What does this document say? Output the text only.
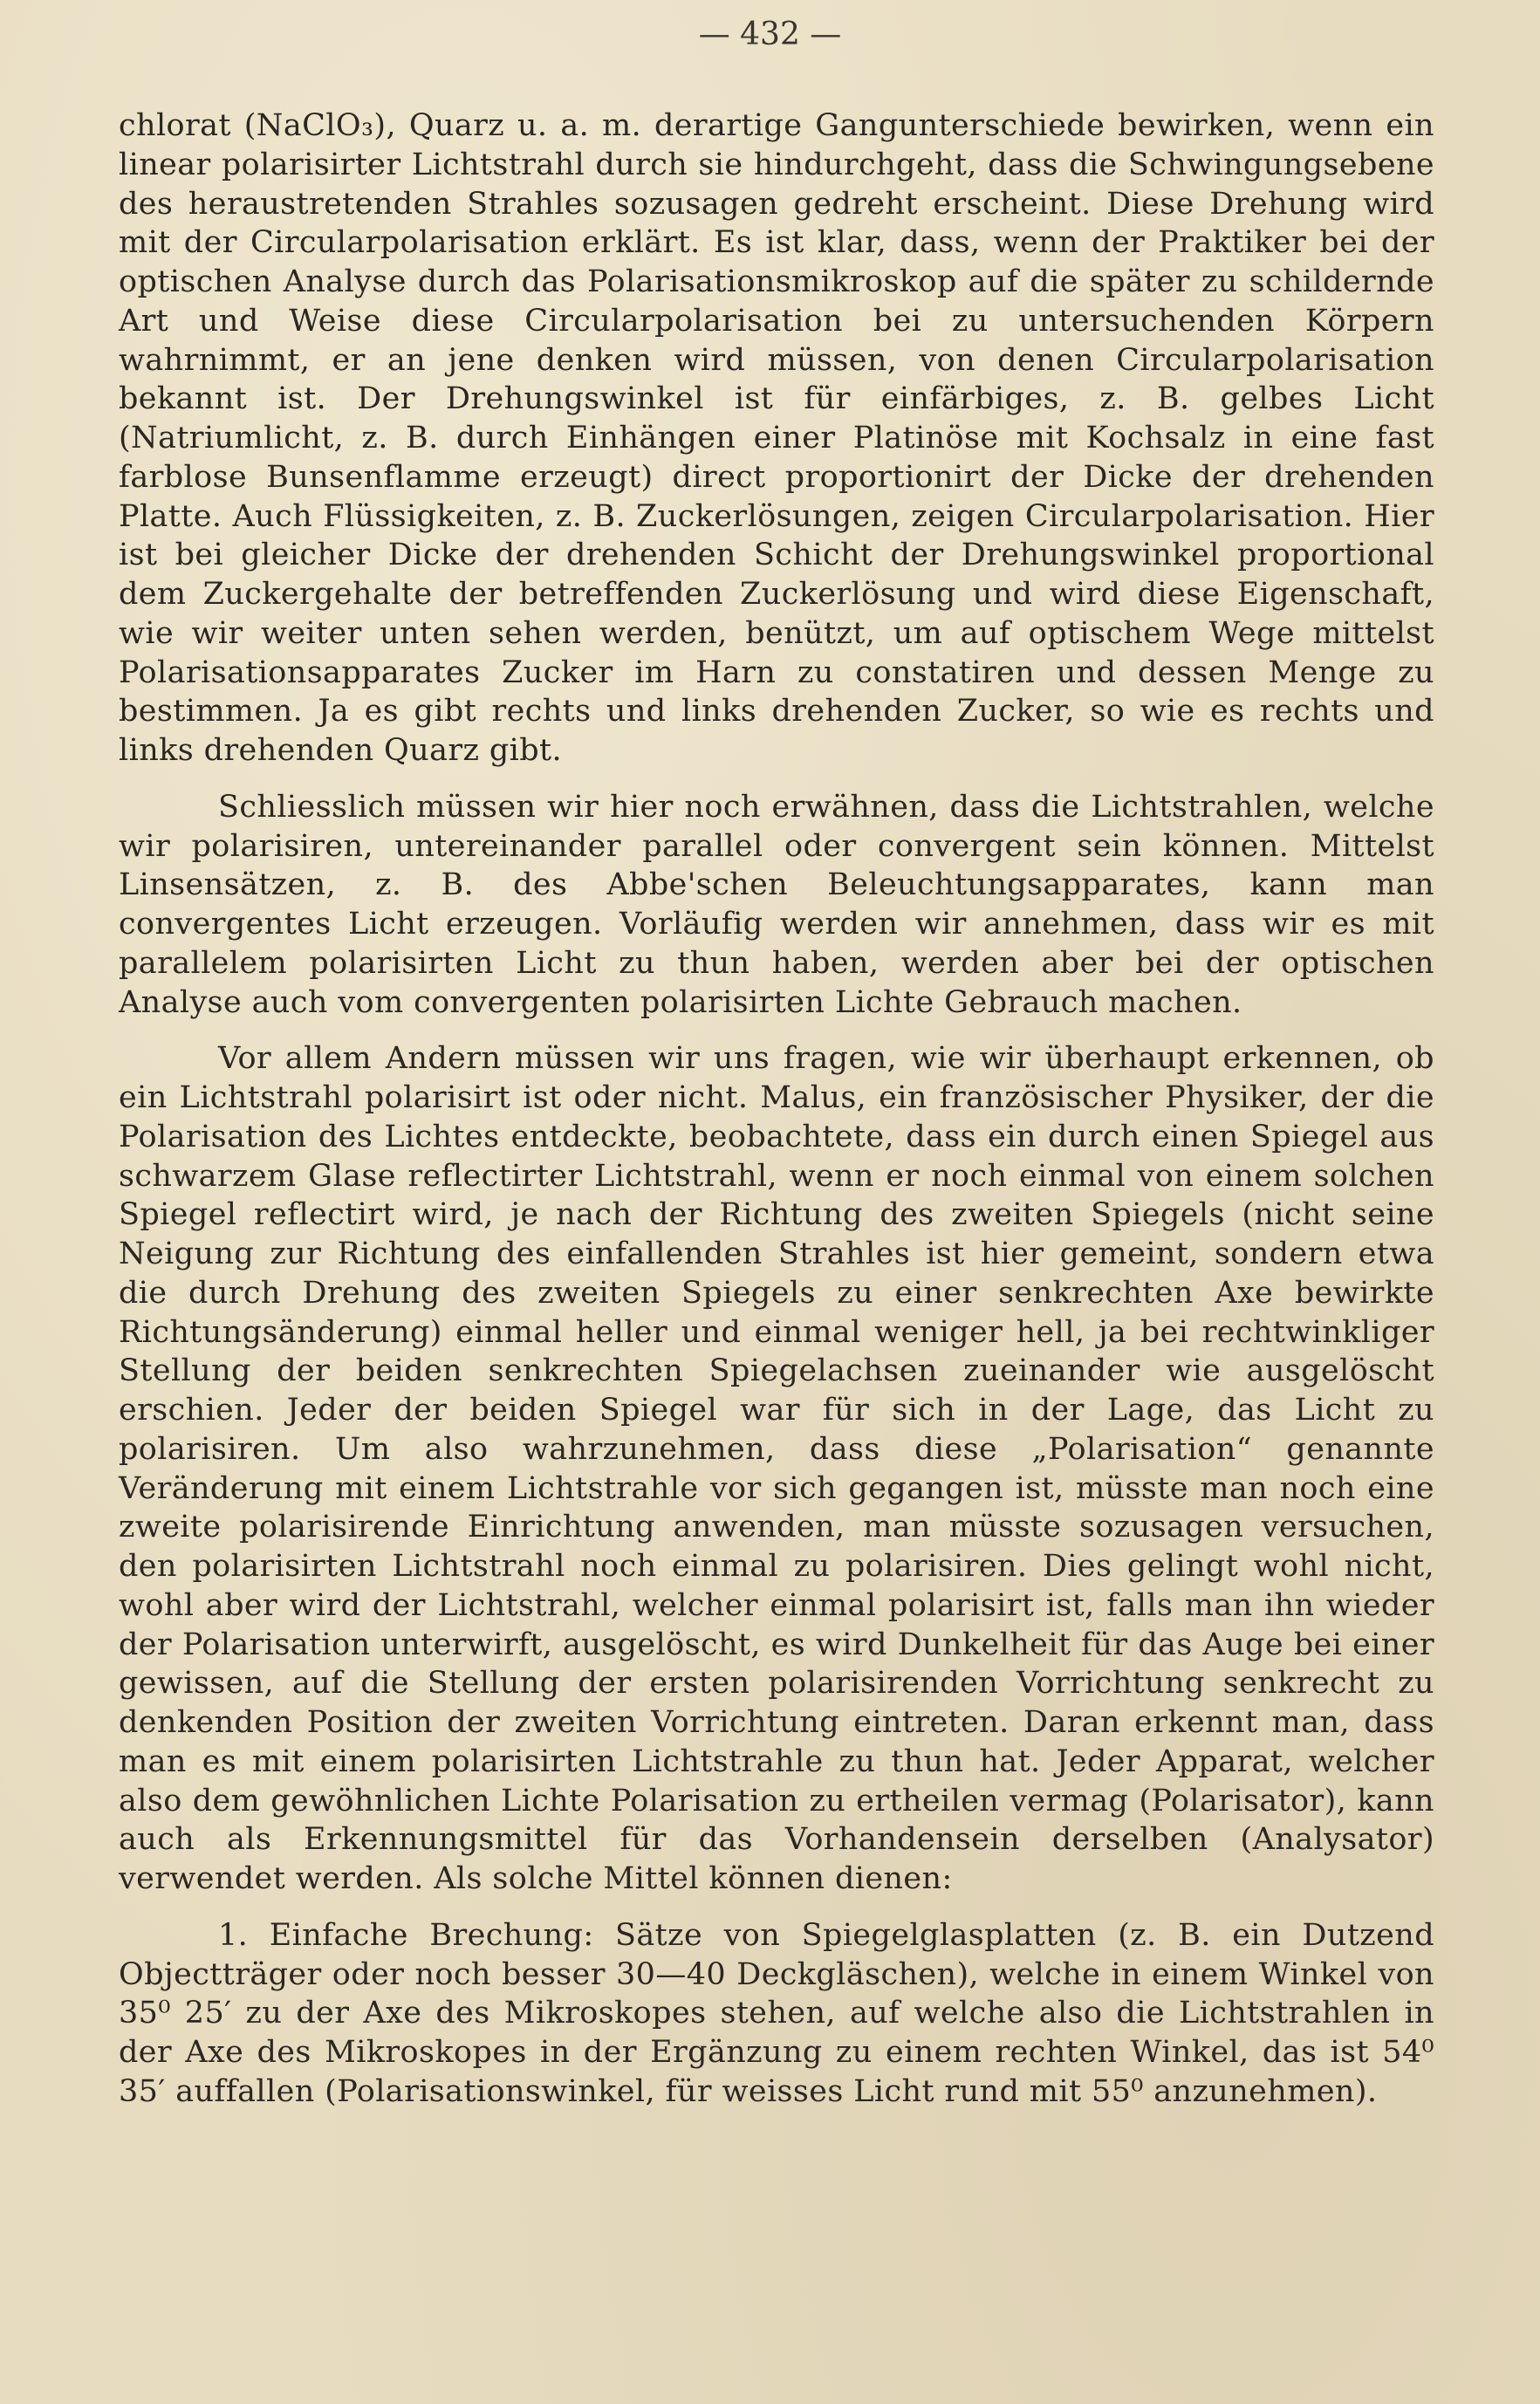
— 432 —

chlorat (NaClO₃), Quarz u. a. m. derartige Gangunterschiede bewirken, wenn ein linear polarisirter Lichtstrahl durch sie hindurchgeht, dass die Schwingungsebene des heraustretenden Strahles sozusagen gedreht erscheint. Diese Drehung wird mit der Circularpolarisation erklärt. Es ist klar, dass, wenn der Praktiker bei der optischen Analyse durch das Polarisationsmikroskop auf die später zu schildernde Art und Weise diese Circularpolarisation bei zu untersuchenden Körpern wahrnimmt, er an jene denken wird müssen, von denen Circularpolarisation bekannt ist. Der Drehungswinkel ist für einfärbiges, z. B. gelbes Licht (Natriumlicht, z. B. durch Einhängen einer Platinöse mit Kochsalz in eine fast farblose Bunsenflamme erzeugt) direct proportionirt der Dicke der drehenden Platte. Auch Flüssigkeiten, z. B. Zuckerlösungen, zeigen Circularpolarisation. Hier ist bei gleicher Dicke der drehenden Schicht der Drehungswinkel proportional dem Zuckergehalte der betreffenden Zuckerlösung und wird diese Eigenschaft, wie wir weiter unten sehen werden, benützt, um auf optischem Wege mittelst Polarisationsapparates Zucker im Harn zu constatiren und dessen Menge zu bestimmen. Ja es gibt rechts und links drehenden Zucker, so wie es rechts und links drehenden Quarz gibt.

Schliesslich müssen wir hier noch erwähnen, dass die Lichtstrahlen, welche wir polarisiren, untereinander parallel oder convergent sein können. Mittelst Linsensätzen, z. B. des Abbe'schen Beleuchtungsapparates, kann man convergentes Licht erzeugen. Vorläufig werden wir annehmen, dass wir es mit parallelem polarisirten Licht zu thun haben, werden aber bei der optischen Analyse auch vom convergenten polarisirten Lichte Gebrauch machen.

Vor allem Andern müssen wir uns fragen, wie wir überhaupt erkennen, ob ein Lichtstrahl polarisirt ist oder nicht. Malus, ein französischer Physiker, der die Polarisation des Lichtes entdeckte, beobachtete, dass ein durch einen Spiegel aus schwarzem Glase reflectirter Lichtstrahl, wenn er noch einmal von einem solchen Spiegel reflectirt wird, je nach der Richtung des zweiten Spiegels (nicht seine Neigung zur Richtung des einfallenden Strahles ist hier gemeint, sondern etwa die durch Drehung des zweiten Spiegels zu einer senkrechten Axe bewirkte Richtungsänderung) einmal heller und einmal weniger hell, ja bei rechtwinkliger Stellung der beiden senkrechten Spiegelachsen zueinander wie ausgelöscht erschien. Jeder der beiden Spiegel war für sich in der Lage, das Licht zu polarisiren. Um also wahrzunehmen, dass diese „Polarisation“ genannte Veränderung mit einem Lichtstrahle vor sich gegangen ist, müsste man noch eine zweite polarisirende Einrichtung anwenden, man müsste sozusagen versuchen, den polarisirten Lichtstrahl noch einmal zu polarisiren. Dies gelingt wohl nicht, wohl aber wird der Lichtstrahl, welcher einmal polarisirt ist, falls man ihn wieder der Polarisation unterwirft, ausgelöscht, es wird Dunkelheit für das Auge bei einer gewissen, auf die Stellung der ersten polarisirenden Vorrichtung senkrecht zu denkenden Position der zweiten Vorrichtung eintreten. Daran erkennt man, dass man es mit einem polarisirten Lichtstrahle zu thun hat. Jeder Apparat, welcher also dem gewöhnlichen Lichte Polarisation zu ertheilen vermag (Polarisator), kann auch als Erkennungsmittel für das Vorhandensein derselben (Analysator) verwendet werden. Als solche Mittel können dienen:

1. Einfache Brechung: Sätze von Spiegelglasplatten (z. B. ein Dutzend Objectträger oder noch besser 30—40 Deckgläschen), welche in einem Winkel von 35⁰ 25′ zu der Axe des Mikroskopes stehen, auf welche also die Lichtstrahlen in der Axe des Mikroskopes in der Ergänzung zu einem rechten Winkel, das ist 54⁰ 35′ auffallen (Polarisationswinkel, für weisses Licht rund mit 55⁰ anzunehmen).
